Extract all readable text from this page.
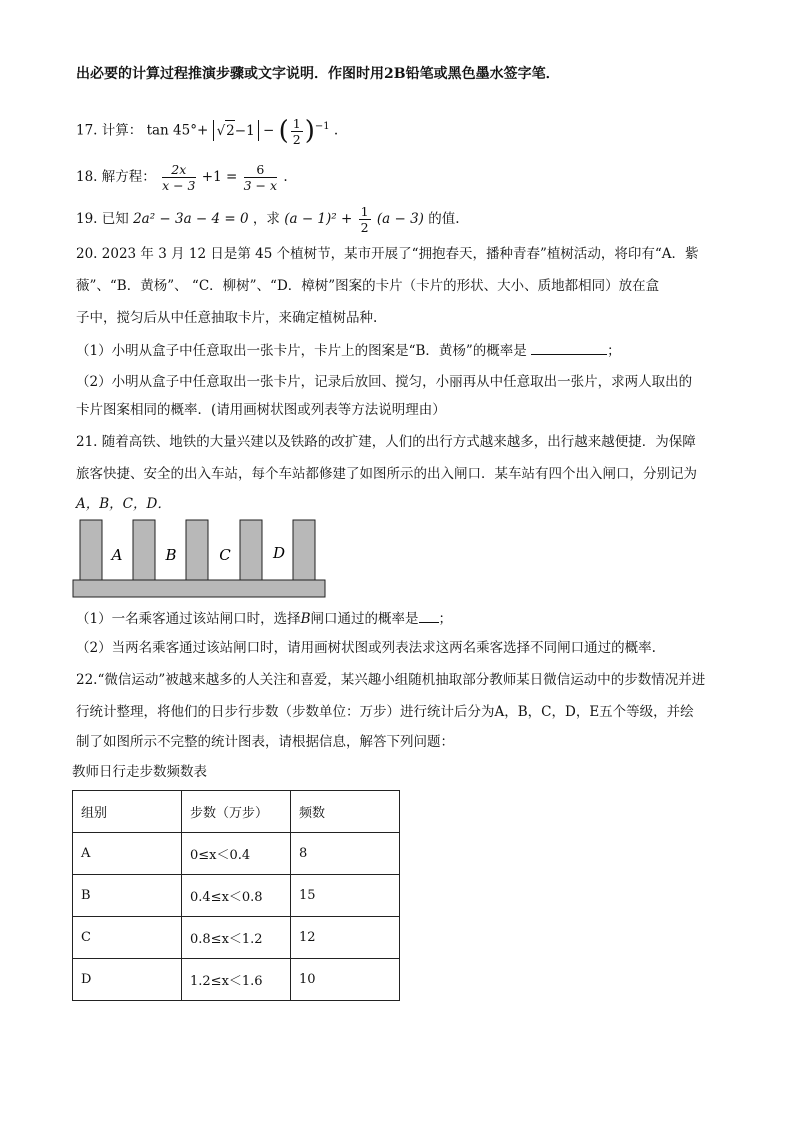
出必要的计算过程推演步骤或文字说明．作图时用2B铅笔或黑色墨水签字笔．
17. 计算： tan 45°+ √2−1 − ( $\frac{1}{2} )^{-1}$ .
18. 解方程： $\frac{2x}{x - 3} +1 = \frac{6}{3 - x}$ .
19. 已知 2a² − 3a − 4 = 0 ，求 $(a - 1)^2 + \frac{1}{2} (a - 3)$ 的值.
20. 2023 年 3 月 12 日是第 45 个植树节，某市开展了“拥抱春天，播种青春”植树活动，将印有“A．紫
薇”、“B．黄杨”、 “C．柳树”、“D．樟树”图案的卡片（卡片的形状、大小、质地都相同）放在盒
子中，搅匀后从中任意抽取卡片，来确定植树品种.
（1）小明从盒子中任意取出一张卡片，卡片上的图案是“B．黄杨”的概率是	；
（2）小明从盒子中任意取出一张卡片，记录后放回、搅匀，小丽再从中任意取出一张片，求两人取出的
卡片图案相同的概率．(请用画树状图或列表等方法说明理由）
21. 随着高铁、地铁的大量兴建以及铁路的改扩建，人们的出行方式越来越多，出行越来越便捷．为保障
旅客快捷、安全的出入车站，每个车站都修建了如图所示的出入闸口．某车站有四个出入闸口，分别记为
A，B，C，D．
A	B	C	D
（1）一名乘客通过该站闸口时，选择B闸口通过的概率是 ；
（2）当两名乘客通过该站闸口时，请用画树状图或列表法求这两名乘客选择不同闸口通过的概率.
22.“微信运动”被越来越多的人关注和喜爱，某兴趣小组随机抽取部分教师某日微信运动中的步数情况并进
行统计整理，将他们的日步行步数（步数单位：万步）进行统计后分为A，B，C，D，E五个等级，并绘
制了如图所示不完整的统计图表，请根据信息，解答下列问题：
教师日行走步数频数表
组别	步数（万步）	频数
A	0≤x＜0.4	8
B	0.4≤x＜0.8	15
C	0.8≤x＜1.2	12
D	1.2≤x＜1.6	10
